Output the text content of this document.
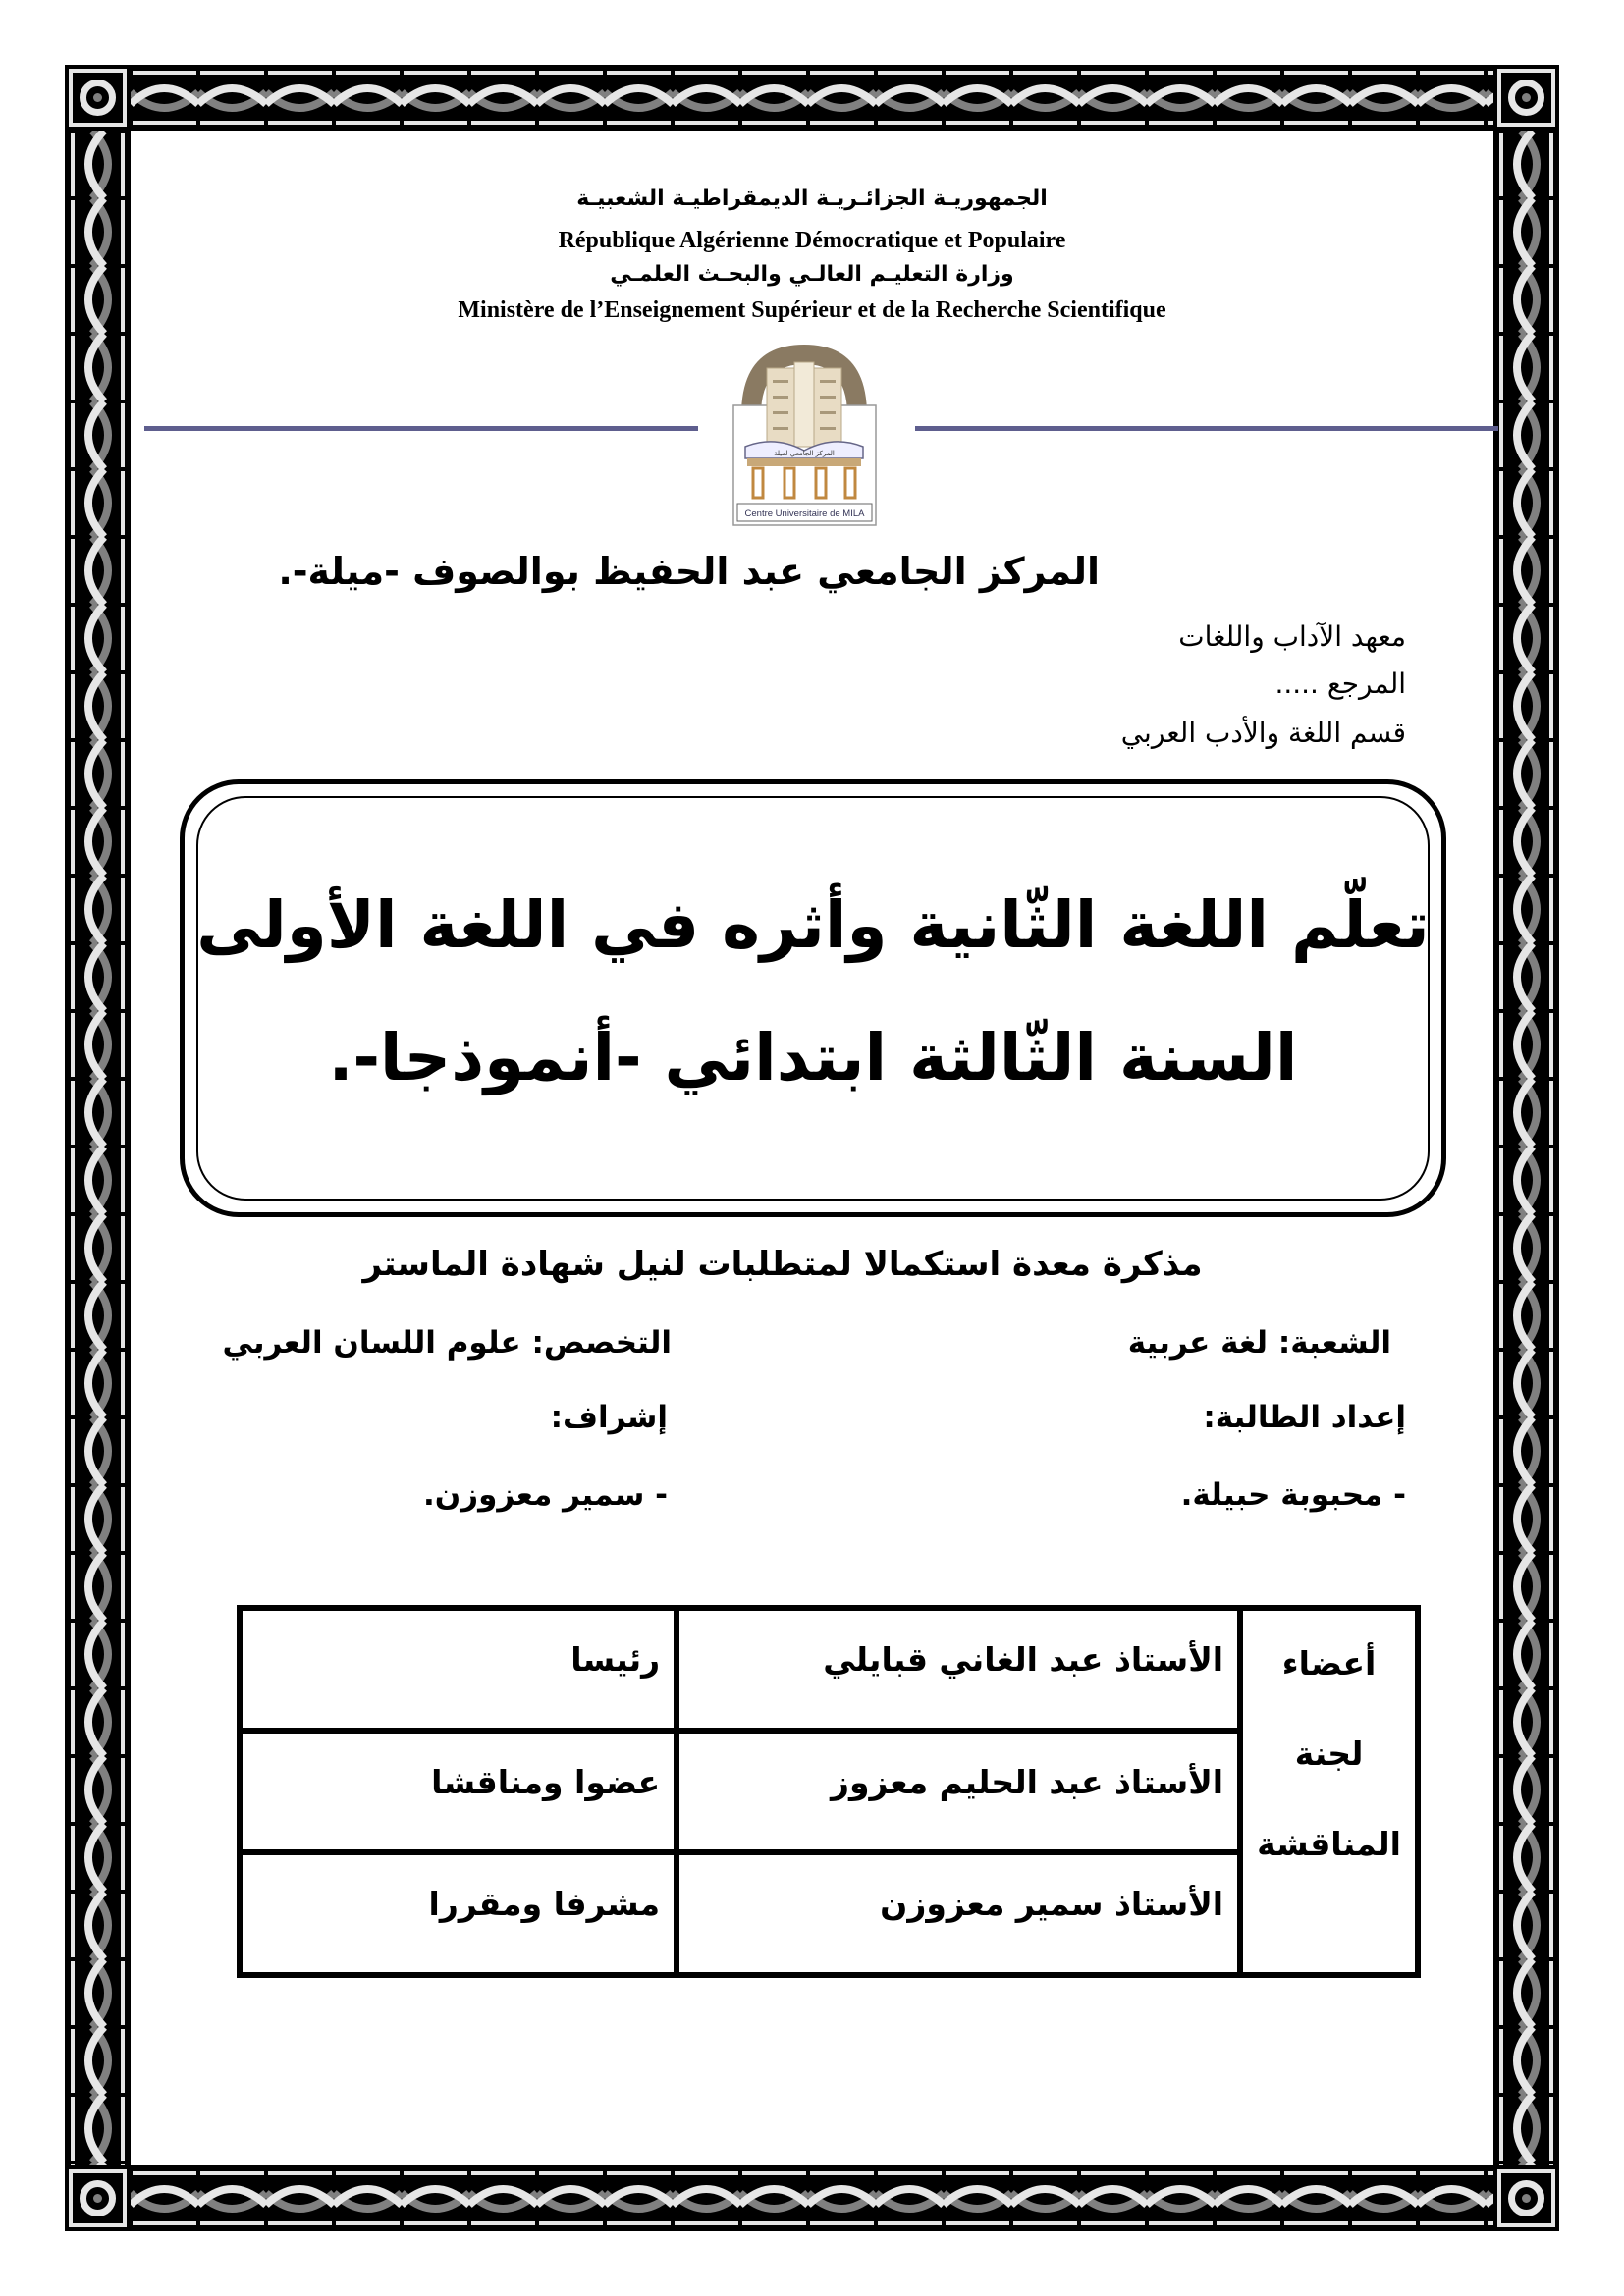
الجمهوريـة الجزائـريـة الديمقراطيـة الشعبيـة
République Algérienne Démocratique et Populaire
وزارة التعليـم العالـي والبحـث العلمـي
Ministère de l’Enseignement Supérieur et de la Recherche Scientifique
Centre Universitaire de MILA
المركز الجامعي لميلة
المركز الجامعي عبد الحفيظ بوالصوف -ميلة-.
معهد الآداب واللغات
المرجع .....
قسم اللغة والأدب العربي
تعلّم اللغة الثّانية وأثره في اللغة الأولى
السنة الثّالثة ابتدائي -أنموذجا-.
مذكرة معدة استكمالا لمتطلبات لنيل شهادة الماستر
الشعبة: لغة عربية
التخصص: علوم اللسان العربي
إعداد الطالبة:
إشراف:
- محبوبة حبيلة.
- سمير معزوزن.
أعضاء
لجنة
المناقشة	الأستاذ عبد الغاني قبايلي	رئيسا
	الأستاذ عبد الحليم معزوز	عضوا ومناقشا
	الأستاذ سمير معزوزن	مشرفا ومقررا
